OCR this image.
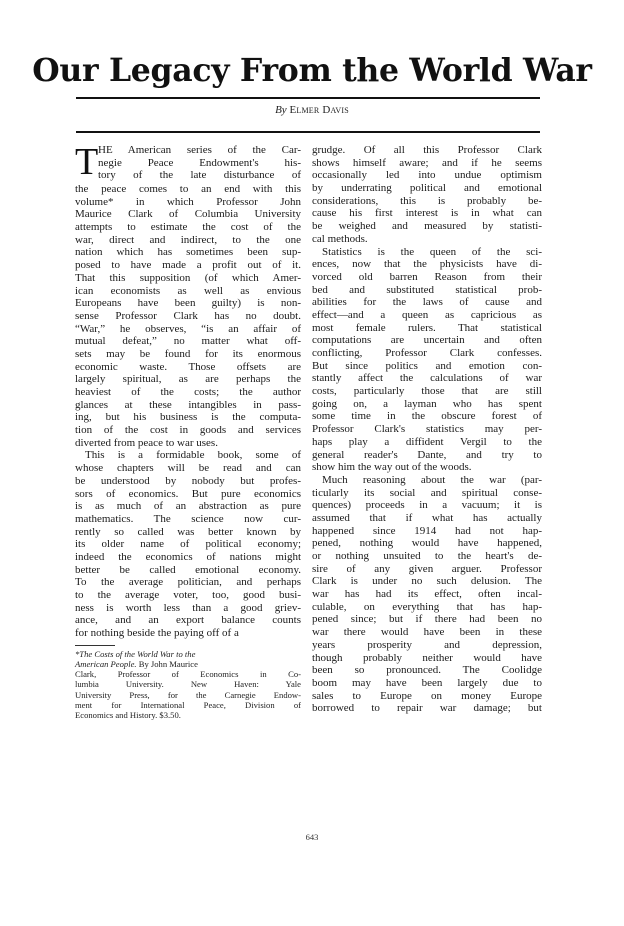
Our Legacy From the World War
By Elmer Davis
T HE American series of the Car-
negie Peace Endowment's his-
tory of the late disturbance of
the peace comes to an end with this
volume* in which Professor John
Maurice Clark of Columbia University
attempts to estimate the cost of the
war, direct and indirect, to the one
nation which has sometimes been sup-
posed to have made a profit out of it.
That this supposition (of which Amer-
ican economists as well as envious
Europeans have been guilty) is non-
sense Professor Clark has no doubt.
“War,” he observes, “is an affair of
mutual defeat,” no matter what off-
sets may be found for its enormous
economic waste. Those offsets are
largely spiritual, as are perhaps the
heaviest of the costs; the author
glances at these intangibles in pass-
ing, but his business is the computa-
tion of the cost in goods and services
diverted from peace to war uses.
This is a formidable book, some of
whose chapters will be read and can
be understood by nobody but profes-
sors of economics. But pure economics
is as much of an abstraction as pure
mathematics. The science now cur-
rently so called was better known by
its older name of political economy;
indeed the economics of nations might
better be called emotional economy.
To the average politician, and perhaps
to the average voter, too, good busi-
ness is worth less than a good griev-
ance, and an export balance counts
for nothing beside the paying off of a
*The Costs of the World War to the
American People. By John Maurice
Clark, Professor of Economics in Co-
lumbia University. New Haven: Yale
University Press, for the Carnegie Endow-
ment for International Peace, Division of
Economics and History. $3.50.
grudge. Of all this Professor Clark
shows himself aware; and if he seems
occasionally led into undue optimism
by underrating political and emotional
considerations, this is probably be-
cause his first interest is in what can
be weighed and measured by statisti-
cal methods.
Statistics is the queen of the sci-
ences, now that the physicists have di-
vorced old barren Reason from their
bed and substituted statistical prob-
abilities for the laws of cause and
effect—and a queen as capricious as
most female rulers. That statistical
computations are uncertain and often
conflicting, Professor Clark confesses.
But since politics and emotion con-
stantly affect the calculations of war
costs, particularly those that are still
going on, a layman who has spent
some time in the obscure forest of
Professor Clark's statistics may per-
haps play a diffident Vergil to the
general reader's Dante, and try to
show him the way out of the woods.
Much reasoning about the war (par-
ticularly its social and spiritual conse-
quences) proceeds in a vacuum; it is
assumed that if what has actually
happened since 1914 had not hap-
pened, nothing would have happened,
or nothing unsuited to the heart's de-
sire of any given arguer. Professor
Clark is under no such delusion. The
war has had its effect, often incal-
culable, on everything that has hap-
pened since; but if there had been no
war there would have been in these
years prosperity and depression,
though probably neither would have
been so pronounced. The Coolidge
boom may have been largely due to
sales to Europe on money Europe
borrowed to repair war damage; but
643
